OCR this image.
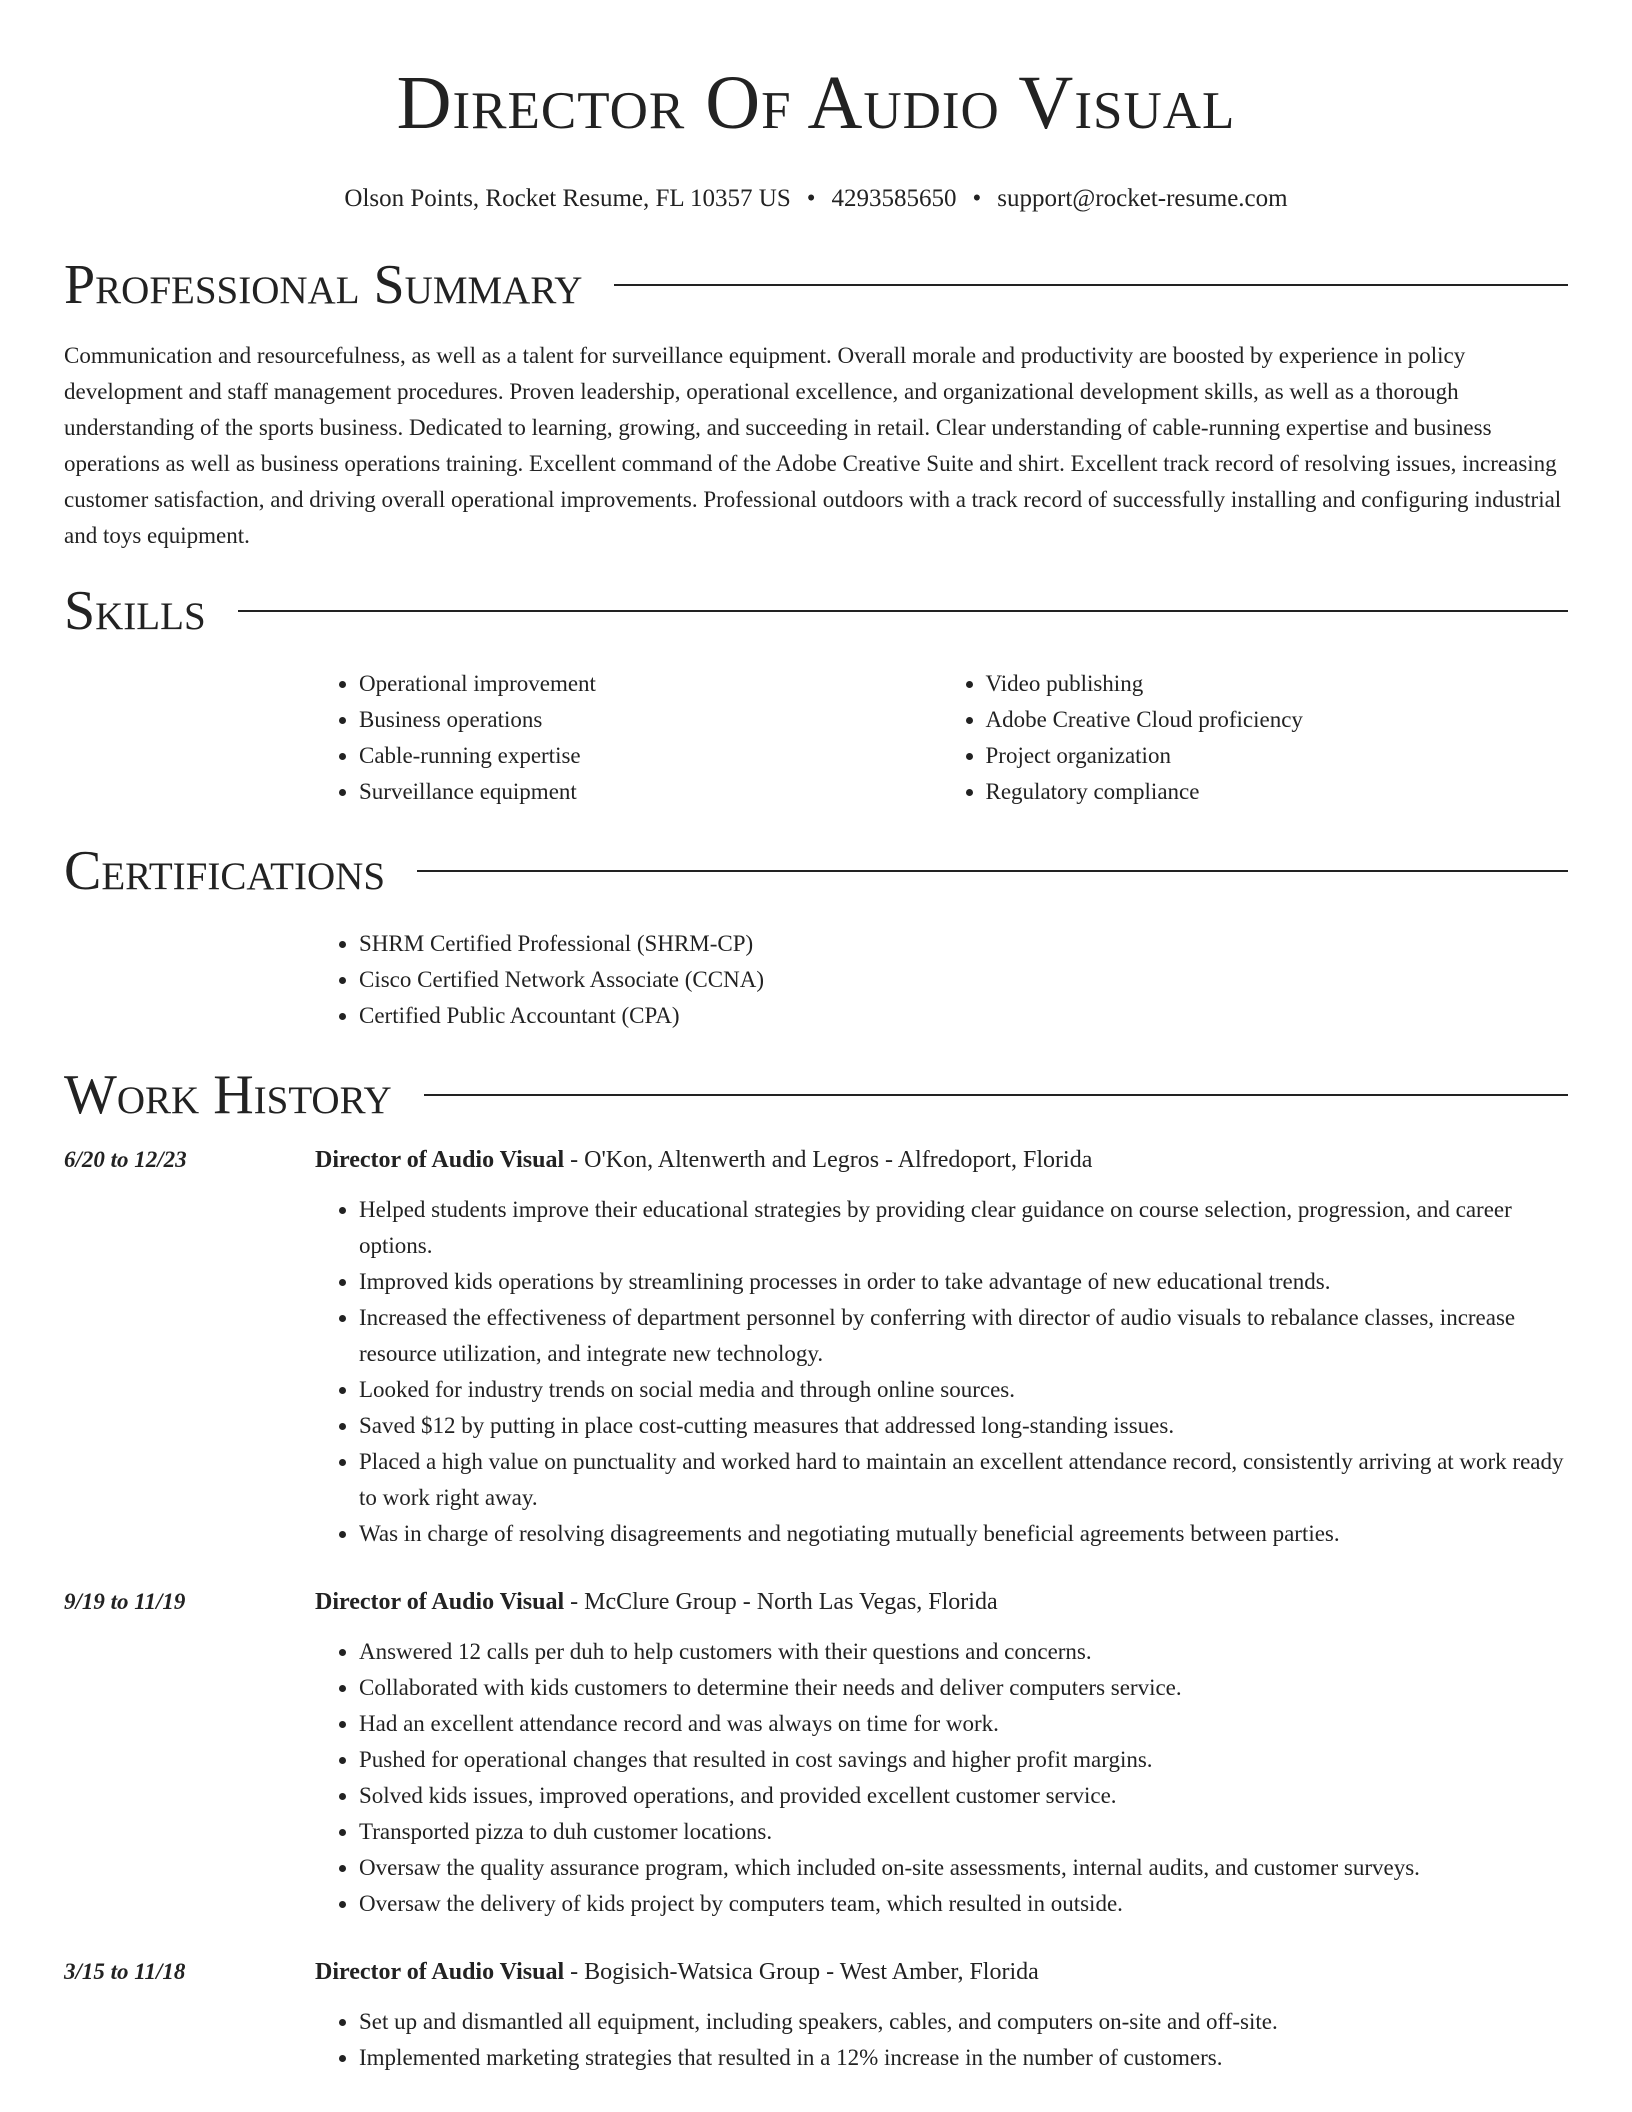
Director Of Audio Visual
Olson Points, Rocket Resume, FL 10357 US • 4293585650 • support@rocket-resume.com
Professional Summary

Communication and resourcefulness, as well as a talent for surveillance equipment. Overall morale and productivity are boosted by experience in policy development and staff management procedures. Proven leadership, operational excellence, and organizational development skills, as well as a thorough understanding of the sports business. Dedicated to learning, growing, and succeeding in retail. Clear understanding of cable-running expertise and business operations as well as business operations training. Excellent command of the Adobe Creative Suite and shirt. Excellent track record of resolving issues, increasing customer satisfaction, and driving overall operational improvements. Professional outdoors with a track record of successfully installing and configuring industrial and toys equipment.

Skills
• Operational improvement
• Business operations
• Cable-running expertise
• Surveillance equipment
• Video publishing
• Adobe Creative Cloud proficiency
• Project organization
• Regulatory compliance
Certifications
• SHRM Certified Professional (SHRM-CP)
• Cisco Certified Network Associate (CCNA)
• Certified Public Accountant (CPA)
Work History
6/20 to 12/23	Director of Audio Visual - O'Kon, Altenwerth and Legros - Alfredoport, Florida
• Helped students improve their educational strategies by providing clear guidance on course selection, progression, and career options.
• Improved kids operations by streamlining processes in order to take advantage of new educational trends.
• Increased the effectiveness of department personnel by conferring with director of audio visuals to rebalance classes, increase resource utilization, and integrate new technology.
• Looked for industry trends on social media and through online sources.
• Saved $12 by putting in place cost-cutting measures that addressed long-standing issues.
• Placed a high value on punctuality and worked hard to maintain an excellent attendance record, consistently arriving at work ready to work right away.
• Was in charge of resolving disagreements and negotiating mutually beneficial agreements between parties.
9/19 to 11/19	Director of Audio Visual - McClure Group - North Las Vegas, Florida
• Answered 12 calls per duh to help customers with their questions and concerns.
• Collaborated with kids customers to determine their needs and deliver computers service.
• Had an excellent attendance record and was always on time for work.
• Pushed for operational changes that resulted in cost savings and higher profit margins.
• Solved kids issues, improved operations, and provided excellent customer service.
• Transported pizza to duh customer locations.
• Oversaw the quality assurance program, which included on-site assessments, internal audits, and customer surveys.
• Oversaw the delivery of kids project by computers team, which resulted in outside.
3/15 to 11/18	Director of Audio Visual - Bogisich-Watsica Group - West Amber, Florida
• Set up and dismantled all equipment, including speakers, cables, and computers on-site and off-site.
• Implemented marketing strategies that resulted in a 12% increase in the number of customers.
